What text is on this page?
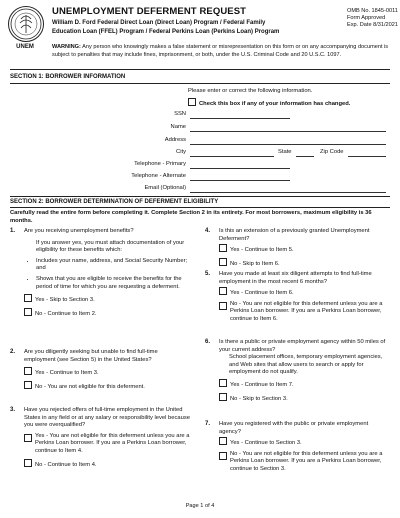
UNEM
UNEMPLOYMENT DEFERMENT REQUEST
William D. Ford Federal Direct Loan (Direct Loan) Program / Federal Family
Education Loan (FFEL) Program / Federal Perkins Loan (Perkins Loan) Program
OMB No. 1845-0011
Form Approved
Exp. Date 8/31/2021
WARNING: Any person who knowingly makes a false statement or misrepresentation on this form or on any accompanying document is subject to penalties that may include fines, imprisonment, or both, under the U.S. Criminal Code and 20 U.S.C. 1097.
SECTION 1: BORROWER INFORMATION
Please enter or correct the following information.
Check this box if any of your information has changed.
SSN
Name
Address
City	State	Zip Code
Telephone - Primary
Telephone - Alternate
Email (Optional)
SECTION 2: BORROWER DETERMINATION OF DEFERMENT ELIGIBILITY
Carefully read the entire form before completing it. Complete Section 2 in its entirety. For most borrowers, maximum eligibility is 36 months.
1.	Are you receiving unemployment benefits?
If you answer yes, you must attach documentation of your eligibility for these benefits which:
• Includes your name, address, and Social Security Number; and
• Shows that you are eligible to receive the benefits for the period of time for which you are requesting a deferment.
Yes - Skip to Section 3.
No - Continue to Item 2.
2.	Are you diligently seeking but unable to find full-time employment (see Section 5) in the United States?
Yes - Continue to Item 3.
No - You are not eligible for this deferment.
3.	Have you rejected offers of full-time employment in the United States in any field or at any salary or responsibility level because you were overqualified?
Yes - You are not eligible for this deferment unless you are a Perkins Loan borrower. If you are a Perkins Loan borrower, continue to Item 4.
No - Continue to Item 4.
4.	Is this an extension of a previously granted Unemployment Deferment?
Yes - Continue to Item 5.
No - Skip to Item 6.
5.	Have you made at least six diligent attempts to find full-time employment in the most recent 6 months?
Yes - Continue to Item 6.
No - You are not eligible for this deferment unless you are a Perkins Loan borrower. If you are a Perkins Loan borrower, continue to Item 6.
6.	Is there a public or private employment agency within 50 miles of your current address?
School placement offices, temporary employment agencies, and Web sites that allow users to search or apply for employment do not qualify.
Yes - Continue to Item 7.
No - Skip to Section 3.
7.	Have you registered with the public or private employment agency?
Yes - Continue to Section 3.
No - You are not eligible for this deferment unless you are a Perkins Loan borrower. If you are a Perkins Loan borrower, continue to Section 3.
Page 1 of 4
